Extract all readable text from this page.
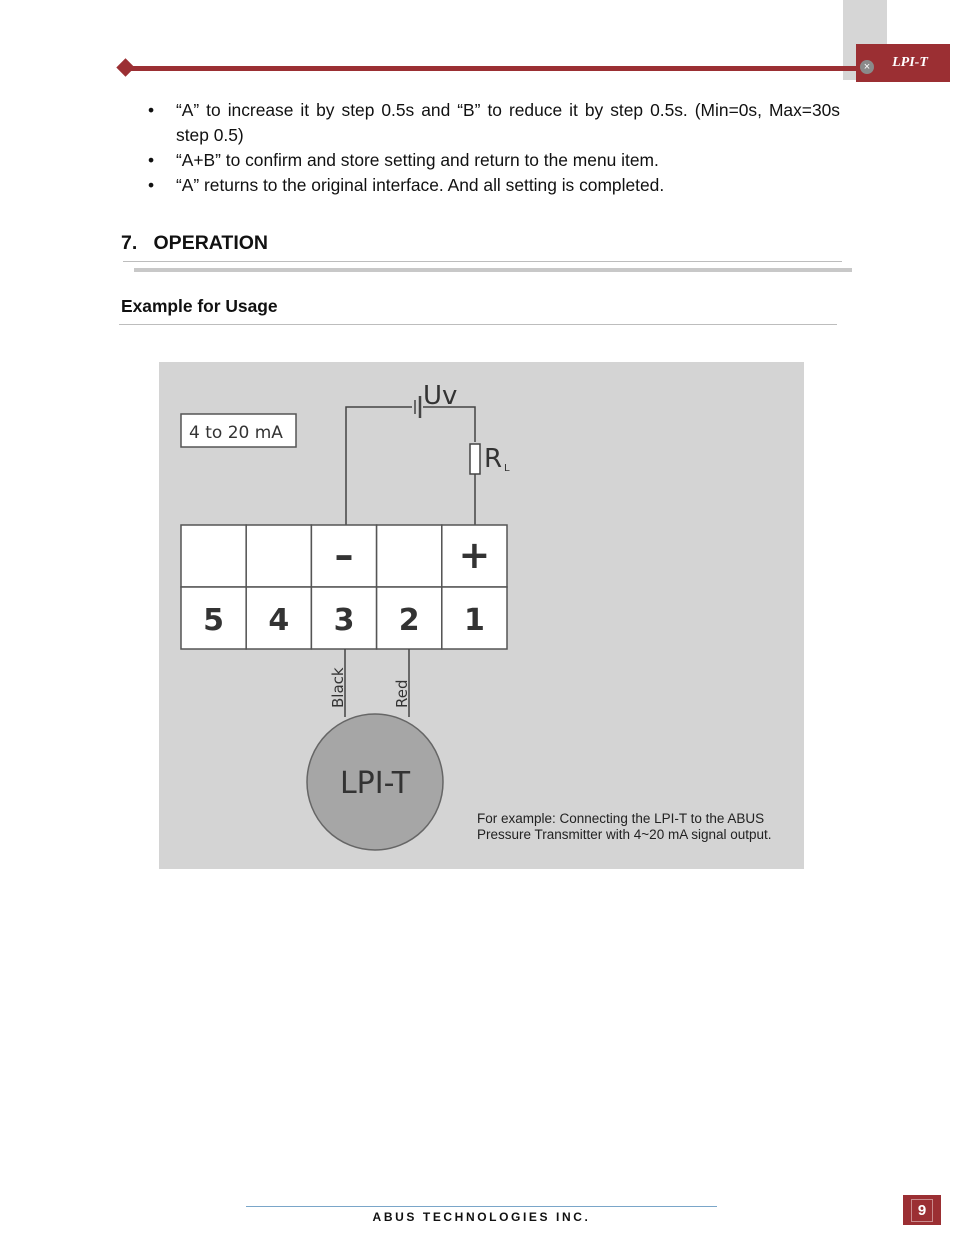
LPI-T
×
• “A” to increase it by step 0.5s and “B” to reduce it by step 0.5s. (Min=0s, Max=30s step 0.5)
• “A+B” to confirm and store setting and return to the menu item.
• “A” returns to the original interface. And all setting is completed.
7.   OPERATION
Example for Usage
4 to 20 mA
Uv
R L
5 4
–
3 2
+
1
Black	Red
LPI-T
For example: Connecting the LPI-T to the ABUS
Pressure Transmitter with 4~20 mA signal output.
ABUS TECHNOLOGIES INC.	9
